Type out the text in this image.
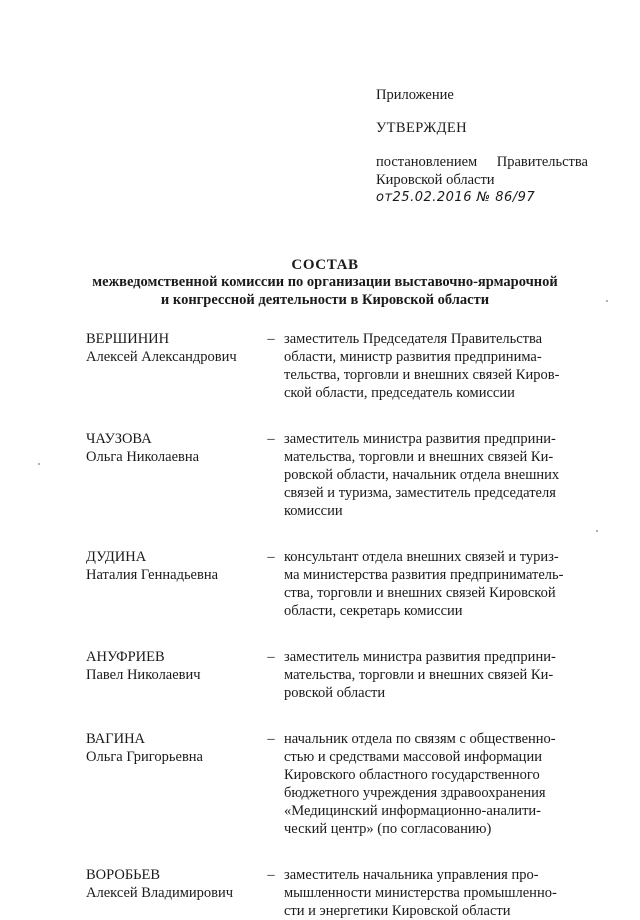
Приложение
УТВЕРЖДЕН
постановлением Правительства
Кировской области
от25.02.2016 № 86/97
СОСТАВ
межведомственной комиссии по организации выставочно-ярмарочной
и конгрессной деятельности в Кировской области
ВЕРШИНИН
Алексей Александрович
– заместитель Председателя Правительства
области, министр развития предпринима-
тельства, торговли и внешних связей Киров-
ской области, председатель комиссии
ЧАУЗОВА
Ольга Николаевна
– заместитель министра развития предприни-
мательства, торговли и внешних связей Ки-
ровской области, начальник отдела внешних
связей и туризма, заместитель председателя
комиссии
ДУДИНА
Наталия Геннадьевна
– консультант отдела внешних связей и туриз-
ма министерства развития предприниматель-
ства, торговли и внешних связей Кировской
области, секретарь комиссии
АНУФРИЕВ
Павел Николаевич
– заместитель министра развития предприни-
мательства, торговли и внешних связей Ки-
ровской области
ВАГИНА
Ольга Григорьевна
– начальник отдела по связям с общественно-
стью и средствами массовой информации
Кировского областного государственного
бюджетного учреждения здравоохранения
«Медицинский информационно-аналити-
ческий центр» (по согласованию)
ВОРОБЬЕВ
Алексей Владимирович
– заместитель начальника управления про-
мышленности министерства промышленно-
сти и энергетики Кировской области
